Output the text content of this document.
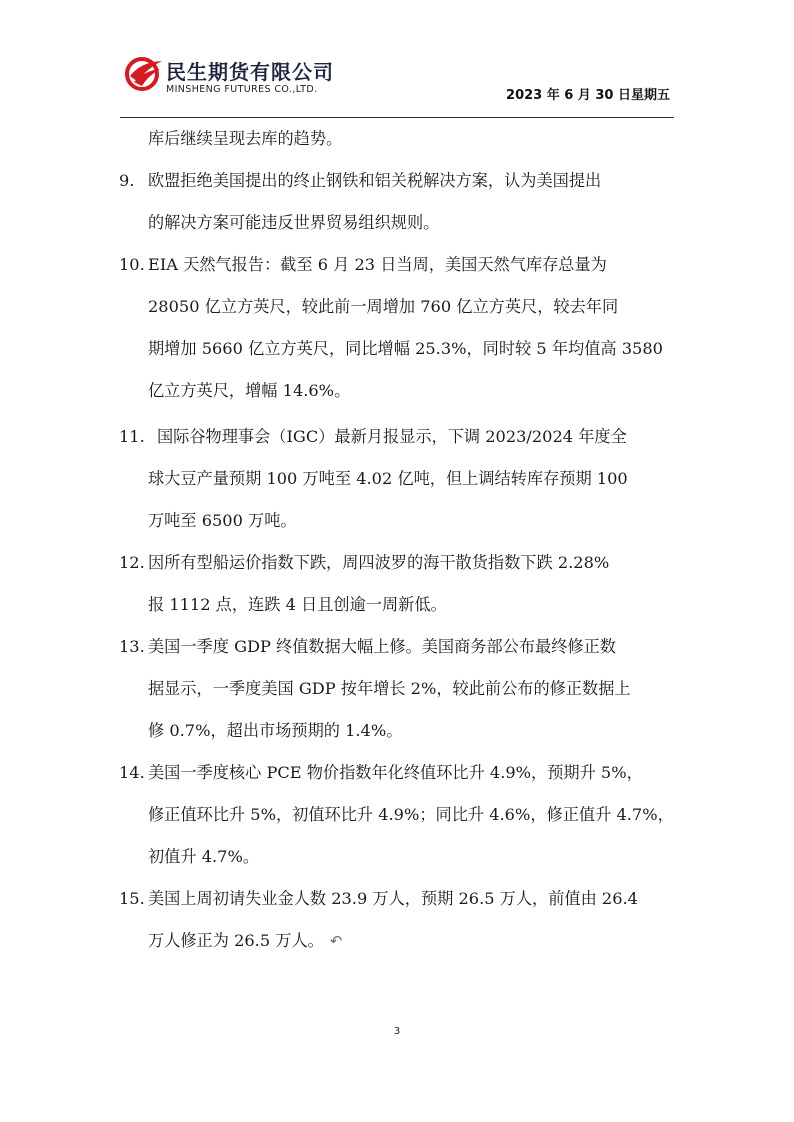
民生期货有限公司
MINSHENG FUTURES CO.,LTD.	2023 年 6 月 30 日星期五
库后继续呈现去库的趋势。
9. 欧盟拒绝美国提出的终止钢铁和铝关税解决方案，认为美国提出
的解决方案可能违反世界贸易组织规则。
10. EIA 天然气报告：截至 6 月 23 日当周，美国天然气库存总量为
28050 亿立方英尺，较此前一周增加 760 亿立方英尺，较去年同
期增加 5660 亿立方英尺，同比增幅 25.3%，同时较 5 年均值高 3580
亿立方英尺，增幅 14.6%。
11. 国际谷物理事会（IGC）最新月报显示，下调 2023/2024 年度全
球大豆产量预期 100 万吨至 4.02 亿吨，但上调结转库存预期 100
万吨至 6500 万吨。
12. 因所有型船运价指数下跌，周四波罗的海干散货指数下跌 2.28%
报 1112 点，连跌 4 日且创逾一周新低。
13. 美国一季度 GDP 终值数据大幅上修。美国商务部公布最终修正数
据显示，一季度美国 GDP 按年增长 2%，较此前公布的修正数据上
修 0.7%，超出市场预期的 1.4%。
14. 美国一季度核心 PCE 物价指数年化终值环比升 4.9%，预期升 5%，
修正值环比升 5%，初值环比升 4.9%；同比升 4.6%，修正值升 4.7%，
初值升 4.7%。
15. 美国上周初请失业金人数 23.9 万人，预期 26.5 万人，前值由 26.4
万人修正为 26.5 万人。 ↶
3
